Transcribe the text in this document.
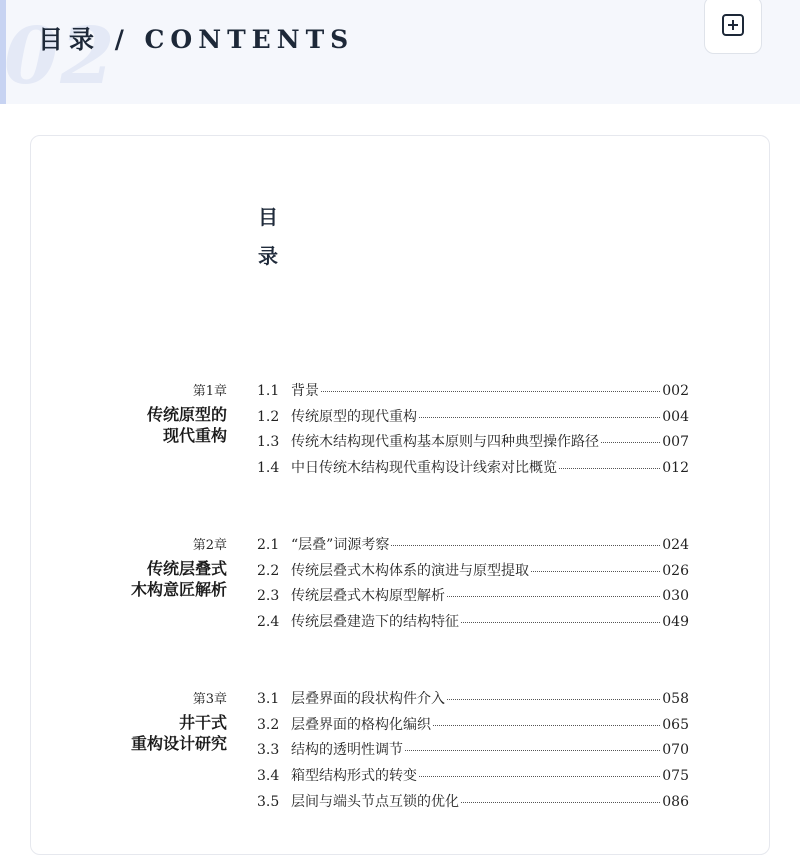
02
目录 / CONTENTS
目录
第1章
传统原型的
现代重构
1.1 背景	002
1.2 传统原型的现代重构	004
1.3 传统木结构现代重构基本原则与四种典型操作路径	007
1.4 中日传统木结构现代重构设计线索对比概览	012
第2章
传统层叠式
木构意匠解析
2.1 “层叠”词源考察	024
2.2 传统层叠式木构体系的演进与原型提取	026
2.3 传统层叠式木构原型解析	030
2.4 传统层叠建造下的结构特征	049
第3章
井干式
重构设计研究
3.1 层叠界面的段状构件介入	058
3.2 层叠界面的格构化编织	065
3.3 结构的透明性调节	070
3.4 箱型结构形式的转变	075
3.5 层间与端头节点互锁的优化	086
